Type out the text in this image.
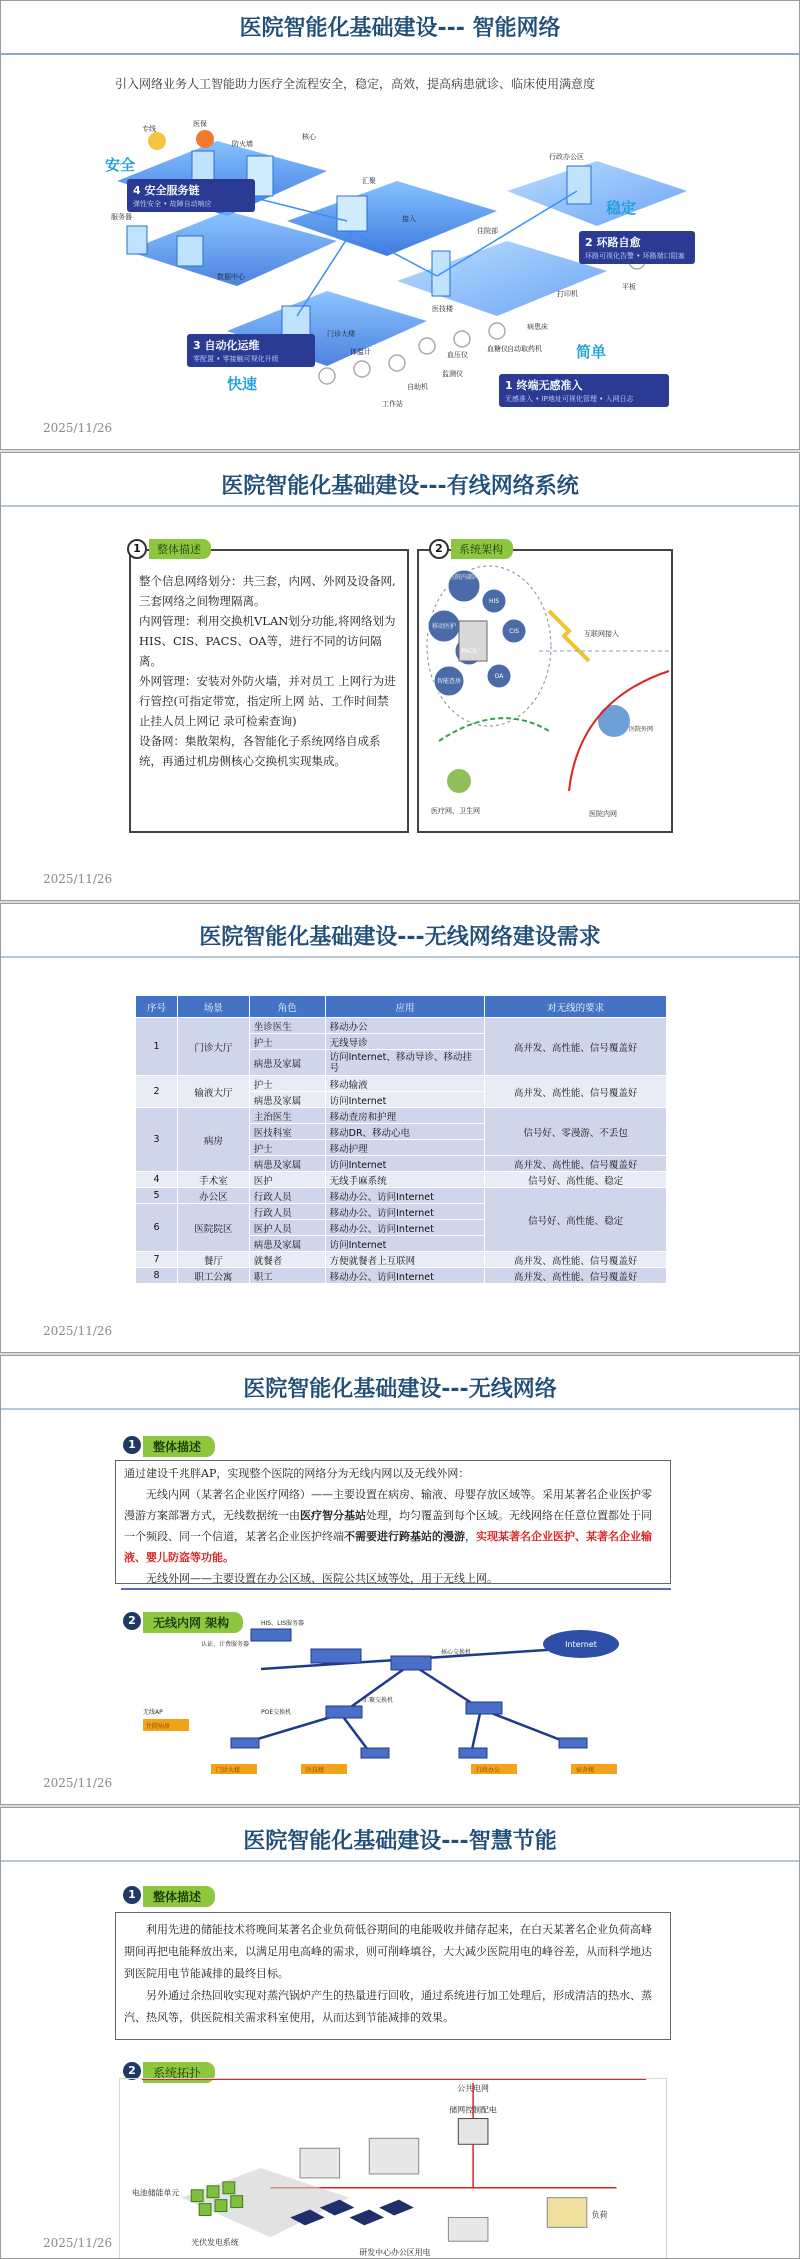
医院智能化基础建设--- 智能网络
引入网络业务人工智能助力医疗全流程安全，稳定，高效，提高病患就诊、临床使用满意度
专线
医保
防火墙
核心
服务器
数据中心
汇聚
接入
住院部
行政办公区
门诊大楼
医技楼
自助机
工作站
血压仪
血糖仪
监测仪
体温计
病患床
平板
自动取药机
打印机
安全
稳定
快速
简单
4 安全服务链
弹性安全 • 故障自动响应
2 环路自愈
环路可视化告警 • 环路端口阻塞
3 自动化运维
零配置 • 零接触可视化升级
1 终端无感准入
无感准入 • IP地址可视化管理 • 入网日志
2025/11/26
医院智能化基础建设---有线网络系统

整个信息网络划分：共三套，内网、外网及设备网,三套网络之间物理隔离。

内网管理：利用交换机VLAN划分功能,将网络划为HIS、CIS、PACS、OA等，进行不同的访问隔离。

外网管理：安装对外防火墙，并对员工 上网行为进行管控(可指定带宽，指定所上网 站、工作时间禁止挂人员上网记 录可检索查询)

设备网：集散架构，各智能化子系统网络自成系统，再通过机房侧核心交换机实现集成。

1	整体描述
医院内部网
HIS
移动医护
CIS
智能查房
OA
PACS
互联网接入
医院外网
医疗网、卫生网	医院内网
2	系统架构
2025/11/26
医院智能化基础建设---无线网络建设需求
序号	场景	角色	应用	对无线的要求
1	门诊大厅	坐诊医生	移动办公	高并发、高性能、信号覆盖好
		护士	无线导诊	
		病患及家属	访问Internet、移动导诊、移动挂号	
2	输液大厅	护士	移动输液	高并发、高性能、信号覆盖好
		病患及家属	访问Internet	
3	病房	主治医生	移动查房和护理	信号好、零漫游、不丢包
		医技科室	移动DR、移动心电	
		护士	移动护理	
		病患及家属	访问Internet	高并发、高性能、信号覆盖好
4	手术室	医护	无线手麻系统	信号好、高性能、稳定
5	办公区	行政人员	移动办公、访问Internet	信号好、高性能、稳定
6	医院院区	行政人员	移动办公、访问Internet	
		医护人员	移动办公、访问Internet	
		病患及家属	访问Internet	
7	餐厅	就餐者	方便就餐者上互联网	高并发、高性能、信号覆盖好
8	职工公寓	职工	移动办公、访问Internet	高并发、高性能、信号覆盖好
2025/11/26
医院智能化基础建设---无线网络
1	整体描述
通过建设千兆胖AP，实现整个医院的网络分为无线内网以及无线外网：
无线内网（某著名企业医疗网络）——主要设置在病房、输液、母婴存放区域等。采用某著名企业医护零漫游方案部署方式，无线数据统一由医疗智分基站处理，均匀覆盖到每个区域。无线网络在任意位置都处于同一个频段、同一个信道，某著名企业医护终端不需要进行跨基站的漫游，实现某著名企业医护、某著名企业输液、婴儿防盗等功能。
无线外网——主要设置在办公区域、医院公共区域等处，用于无线上网。
2	无线内网 架构
Internet
HIS、LIS服务器
认证、计费服务器
核心交换机
汇聚交换机
POE交换机
无线AP
住院病房
门诊大楼	医技楼	行政办公	宿舍楼
2025/11/26
医院智能化基础建设---智慧节能
1	整体描述
利用先进的储能技术将晚间某著名企业负荷低谷期间的电能吸收并储存起来，在白天某著名企业负荷高峰期间再把电能释放出来，以满足用电高峰的需求，则可削峰填谷，大大减少医院用电的峰谷差，从而科学地达到医院用电节能减排的最终目标。
另外通过余热回收实现对蒸汽锅炉产生的热量进行回收，通过系统进行加工处理后，形成清洁的热水、蒸汽、热风等，供医院相关需求科室使用，从而达到节能减排的效果。
2	系统拓扑
公共电网
储网控制配电
电池储能单元
光伏发电系统
研发中心办公区用电
负荷
2025/11/26
